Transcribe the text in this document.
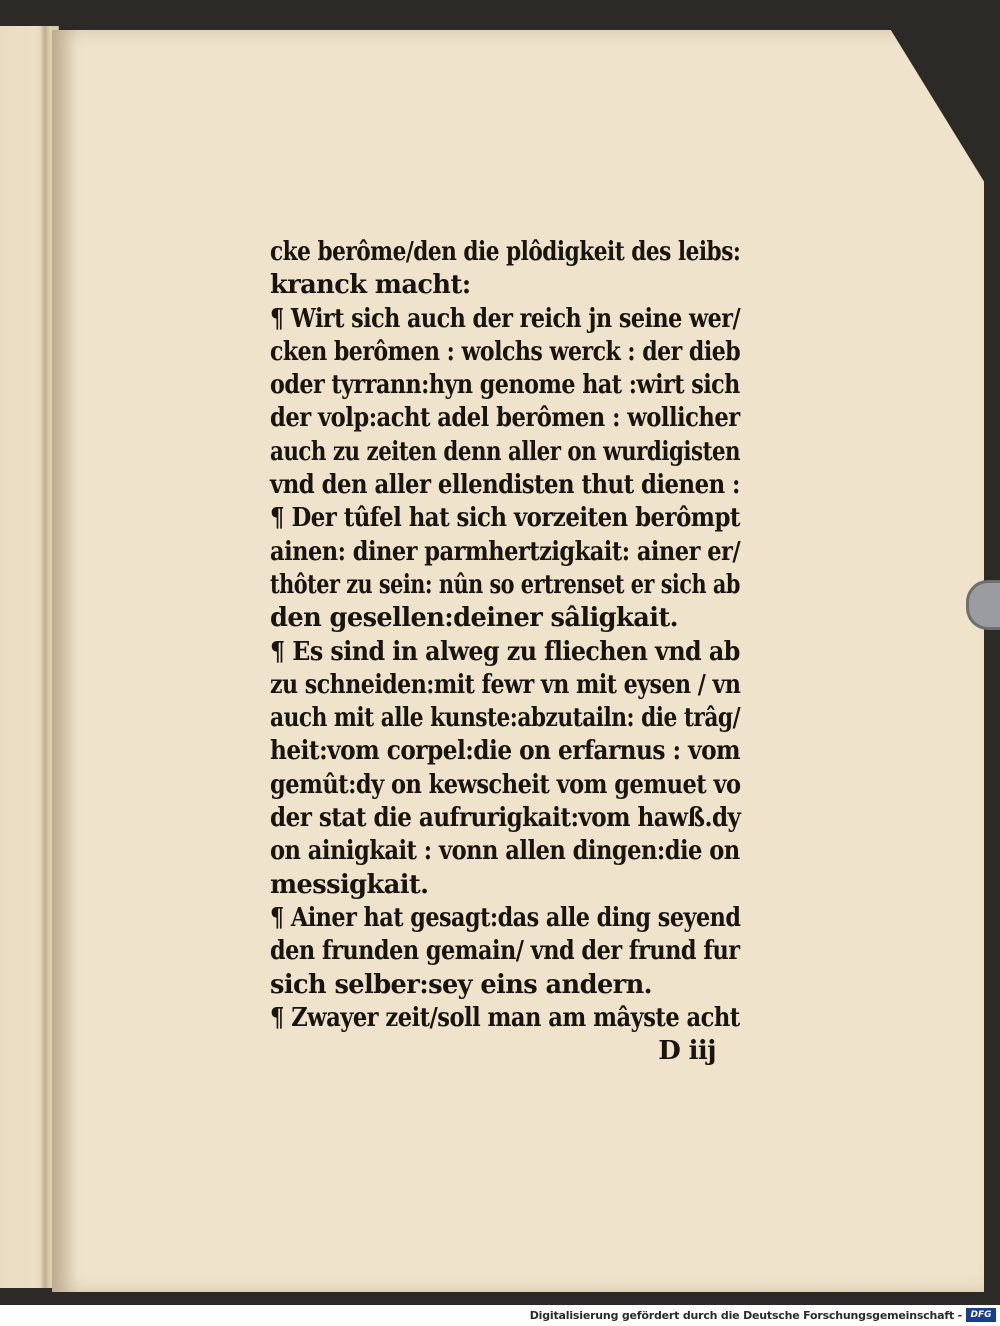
cke berôme/den die plôdigkeit des leibs:
kranck macht:
¶ Wirt sich auch der reich jn seine wer/
cken berômen : wolchs werck : der dieb
oder tyrrann:hyn genome hat :wirt sich
der volp:acht adel berômen : wollicher
auch zu zeiten denn aller on wurdigisten
vnd den aller ellendisten thut dienen :
¶ Der tûfel hat sich vorzeiten berômpt
ainen: diner parmhertzigkait: ainer er/
thôter zu sein: nûn so ertrenset er sich ab
den gesellen:deiner sâligkait.
¶ Es sind in alweg zu fliechen vnd ab
zu schneiden:mit fewr vn mit eysen / vn
auch mit alle kunste:abzutailn: die trâg/
heit:vom corpel:die on erfarnus : vom
gemût:dy on kewscheit vom gemuet vo
der stat die aufrurigkait:vom hawß.dy
on ainigkait : vonn allen dingen:die on
messigkait.
¶ Ainer hat gesagt:das alle ding seyend
den frunden gemain/ vnd der frund fur
sich selber:sey eins andern.
¶ Zwayer zeit/soll man am mâyste acht
D iij
Digitalisierung gefördert durch die Deutsche Forschungsgemeinschaft - DFG
